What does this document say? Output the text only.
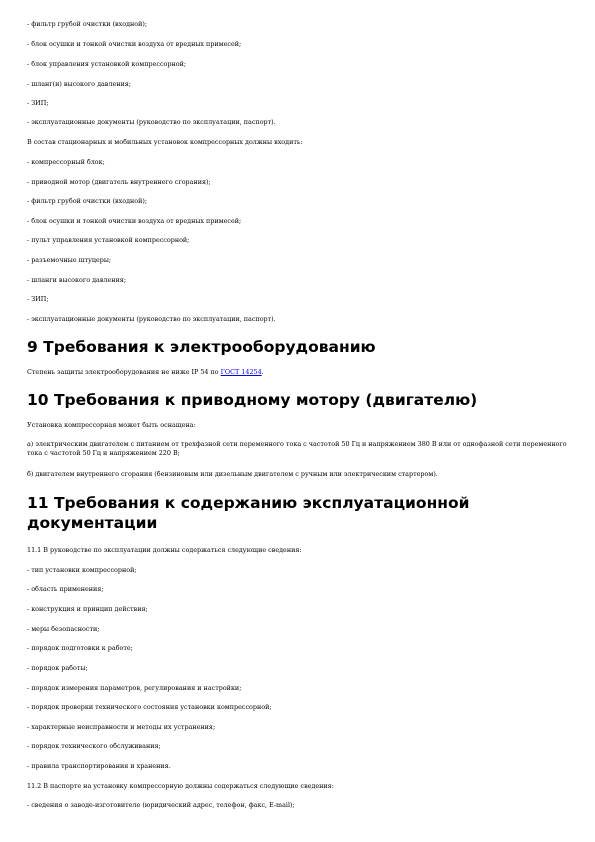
- фильтр грубой очистки (входной);
- блок осушки и тонкой очистки воздуха от вредных примесей;
- блок управления установкой компрессорной;
- шланг(и) высокого давления;
- ЗИП;
- эксплуатационные документы (руководство по эксплуатации, паспорт).
В состав стационарных и мобильных установок компрессорных должны входить:
- компрессорный блок;
- приводной мотор (двигатель внутреннего сгорания);
- фильтр грубой очистки (входной);
- блок осушки и тонкой очистки воздуха от вредных примесей;
- пульт управления установкой компрессорной;
- разъемочные штуцеры;
- шланги высокого давления;
- ЗИП;
- эксплуатационные документы (руководство по эксплуатации, паспорт).
9 Требования к электрооборудованию
Степень защиты электрооборудования не ниже IP 54 по ГОСТ 14254.
10 Требования к приводному мотору (двигателю)
Установка компрессорная может быть оснащена:
а) электрическим двигателем с питанием от трехфазной сети переменного тока с частотой 50 Гц и напряжением 380 В или от однофазной сети переменного тока с частотой 50 Гц и напряжением 220 В;
б) двигателем внутреннего сгорания (бензиновым или дизельным двигателем с ручным или электрическим стартером).
11 Требования к содержанию эксплуатационной документации
11.1 В руководстве по эксплуатации должны содержаться следующие сведения:
- тип установки компрессорной;
- область применения;
- конструкция и принцип действия;
- меры безопасности;
- порядок подготовки к работе;
- порядок работы;
- порядок измерения параметров, регулирования и настройки;
- порядок проверки технического состояния установки компрессорной;
- характерные неисправности и методы их устранения;
- порядок технического обслуживания;
- правила транспортирования и хранения.
11.2 В паспорте на установку компрессорную должны содержаться следующие сведения:
- сведения о заводе-изготовителе (юридический адрес, телефон, факс, E-mail);
